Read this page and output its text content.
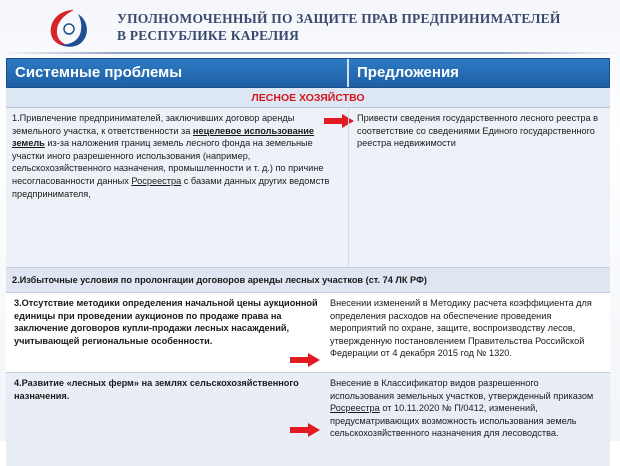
УПОЛНОМОЧЕННЫЙ ПО ЗАЩИТЕ ПРАВ ПРЕДПРИНИМАТЕЛЕЙ
В РЕСПУБЛИКЕ КАРЕЛИЯ
Системные проблемы	Предложения
ЛЕСНОЕ ХОЗЯЙСТВО
1.Привлечение предпринимателей, заключивших договор аренды земельного участка, к ответственности за нецелевое использование земель из-за наложения границ земель лесного фонда на земельные участки иного разрешенного использования (например, сельскохозяйственного назначения, промышленности и т. д.) по причине несогласованности данных Росреестра с базами данных других ведомств предпринимателя,
Привести сведения государственного лесного реестра в соответствие со сведениями Единого государственного реестра недвижимости
2.Избыточные условия по пролонгации договоров аренды лесных участков (ст. 74 ЛК РФ)
3.Отсутствие методики определения начальной цены аукционной единицы при проведении аукционов по продаже права на заключение договоров купли-продажи лесных насаждений, учитывающей региональные особенности.
Внесении изменений в Методику расчета коэффициента для определения расходов на обеспечение проведения мероприятий по охране, защите, воспроизводству лесов, утвержденную постановлением Правительства Российской Федерации от 4 декабря 2015 год № 1320.
4.Развитие «лесных ферм» на землях сельскохозяйственного назначения.
Внесение в Классификатор видов разрешенного использования земельных участков, утвержденный приказом Росреестра от 10.11.2020 № П/0412, изменений, предусматривающих возможность использования земель сельскохозяйственного назначения для лесоводства.
